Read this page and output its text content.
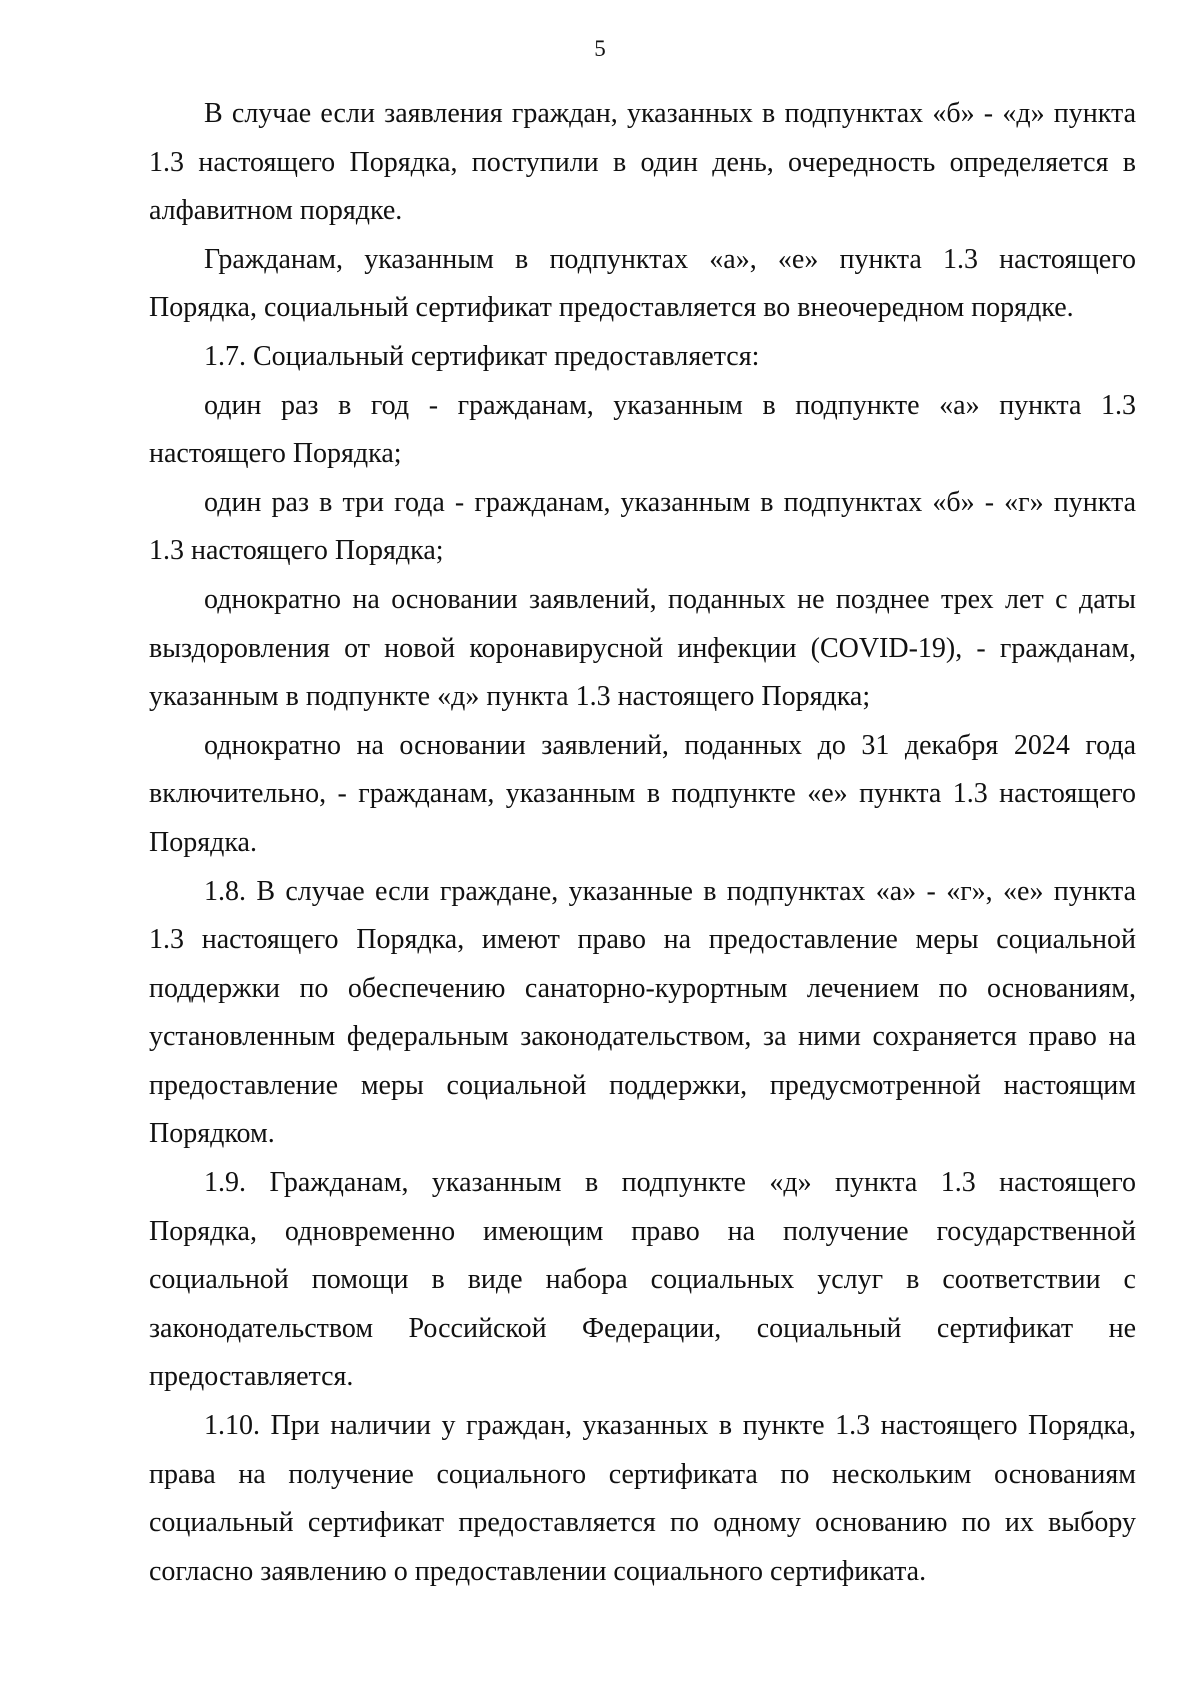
5
В случае если заявления граждан, указанных в подпунктах «б» - «д» пункта
1.3 настоящего Порядка, поступили в один день, очередность определяется в
алфавитном порядке.
Гражданам, указанным в подпунктах «а», «е» пункта 1.3 настоящего
Порядка, социальный сертификат предоставляется во внеочередном порядке.
1.7. Социальный сертификат предоставляется:
один раз в год - гражданам, указанным в подпункте «а» пункта 1.3
настоящего Порядка;
один раз в три года - гражданам, указанным в подпунктах «б» - «г» пункта
1.3 настоящего Порядка;
однократно на основании заявлений, поданных не позднее трех лет с даты
выздоровления от новой коронавирусной инфекции (COVID-19), - гражданам,
указанным в подпункте «д» пункта 1.3 настоящего Порядка;
однократно на основании заявлений, поданных до 31 декабря 2024 года
включительно, - гражданам, указанным в подпункте «е» пункта 1.3 настоящего
Порядка.
1.8. В случае если граждане, указанные в подпунктах «а» - «г», «е» пункта
1.3 настоящего Порядка, имеют право на предоставление меры социальной
поддержки по обеспечению санаторно-курортным лечением по основаниям,
установленным федеральным законодательством, за ними сохраняется право на
предоставление меры социальной поддержки, предусмотренной настоящим
Порядком.
1.9. Гражданам, указанным в подпункте «д» пункта 1.3 настоящего
Порядка, одновременно имеющим право на получение государственной
социальной помощи в виде набора социальных услуг в соответствии с
законодательством Российской Федерации, социальный сертификат не
предоставляется.
1.10. При наличии у граждан, указанных в пункте 1.3 настоящего Порядка,
права на получение социального сертификата по нескольким основаниям
социальный сертификат предоставляется по одному основанию по их выбору
согласно заявлению о предоставлении социального сертификата.
